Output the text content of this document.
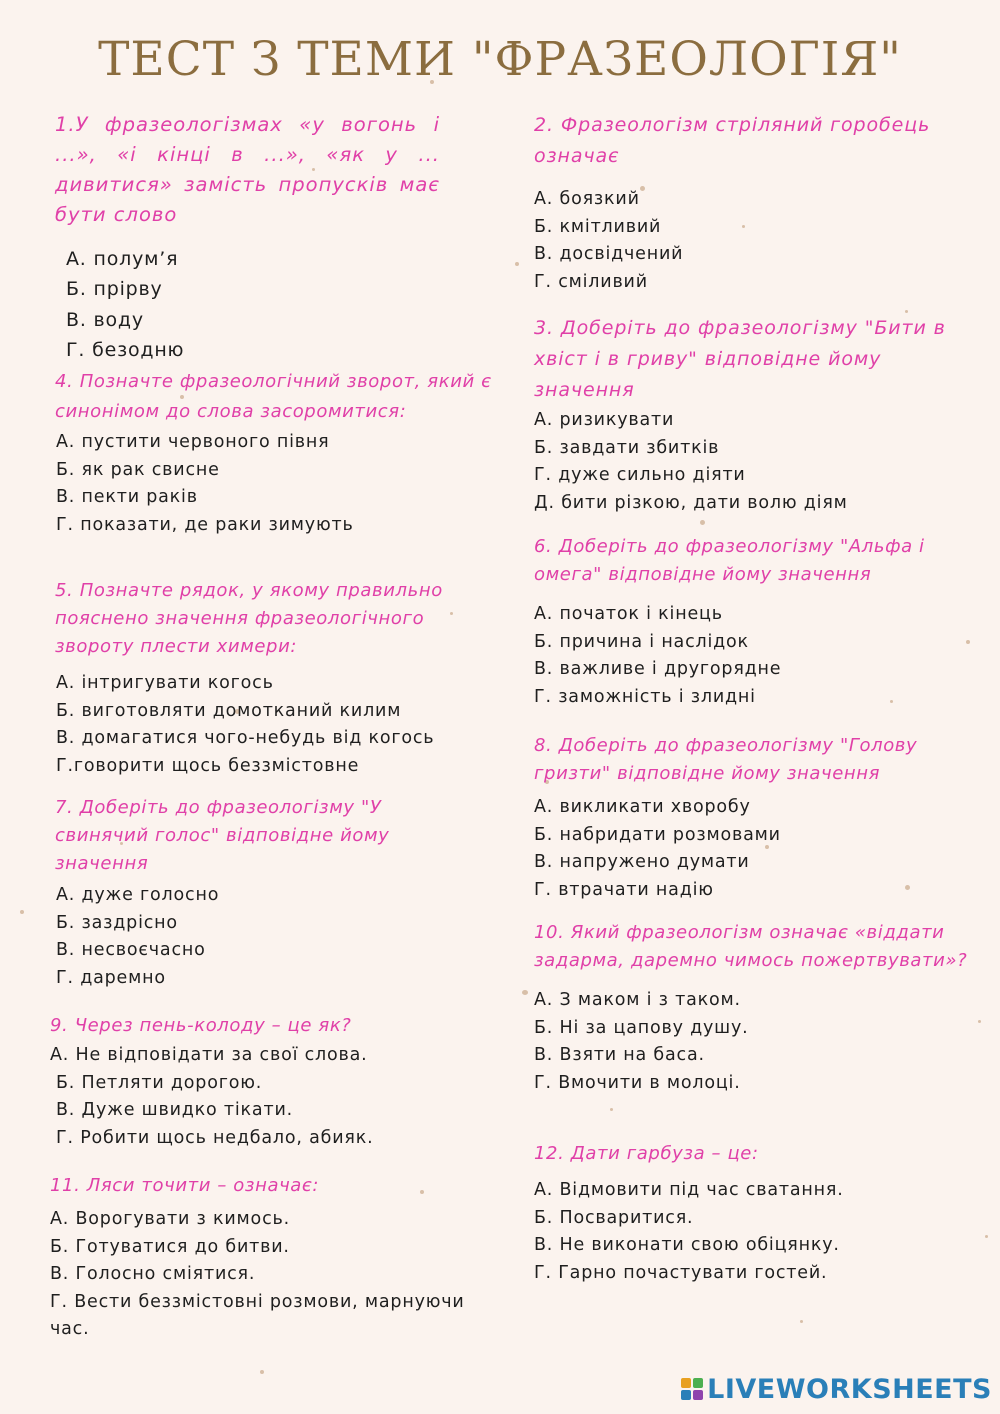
ТЕСТ З ТЕМИ "ФРАЗЕОЛОГІЯ"

1.У фразеологізмах «у вогонь і ...», «і кінці в ...», «як у ... дивитися» замість пропусків має бути слово

А. полум’я
Б. прірву
В. воду
Г. безодню

4. Позначте фразеологічний зворот, який є синонімом до слова засоромитися:

А. пустити червоного півня
Б. як рак свисне
В. пекти раків
Г. показати, де раки зимують

5. Позначте рядок, у якому правильно пояснено значення фразеологічного звороту плести химери:

А. інтригувати когось
Б. виготовляти домотканий килим
В. домагатися чого-небудь від когось
Г.говорити щось беззмістовне

7. Доберіть до фразеологізму "У свинячий голос" відповідне йому значення

А. дуже голосно
Б. заздрісно
В. несвоєчасно
Г. даремно

9. Через пень-колоду – це як?

А. Не відповідати за свої слова.
Б. Петляти дорогою.
В. Дуже швидко тікати.
Г. Робити щось недбало, абияк.

11. Ляси точити – означає:

А. Ворогувати з кимось.
Б. Готуватися до битви.
В. Голосно сміятися.
Г. Вести беззмістовні розмови, марнуючи час.

2. Фразеологізм стріляний горобець означає

А. боязкий
Б. кмітливий
В. досвідчений
Г. сміливий

3. Доберіть до фразеологізму "Бити в хвіст і в гриву" відповідне йому значення

А. ризикувати
Б. завдати збитків
Г. дуже сильно діяти
Д. бити різкою, дати волю діям

6. Доберіть до фразеологізму "Альфа і омега" відповідне йому значення

А. початок і кінець
Б. причина і наслідок
В. важливе і другорядне
Г. заможність і злидні

8. Доберіть до фразеологізму "Голову гризти" відповідне йому значення

А. викликати хворобу
Б. набридати розмовами
В. напружено думати
Г. втрачати надію

10. Який фразеологізм означає «віддати задарма, даремно чимось пожертвувати»?

А. З маком і з таком.
Б. Ні за цапову душу.
В. Взяти на баса.
Г. Вмочити в молоці.

12. Дати гарбуза – це:

А. Відмовити під час сватання.
Б. Посваритися.
В. Не виконати свою обіцянку.
Г. Гарно почастувати гостей.
LIVEWORKSHEETS
